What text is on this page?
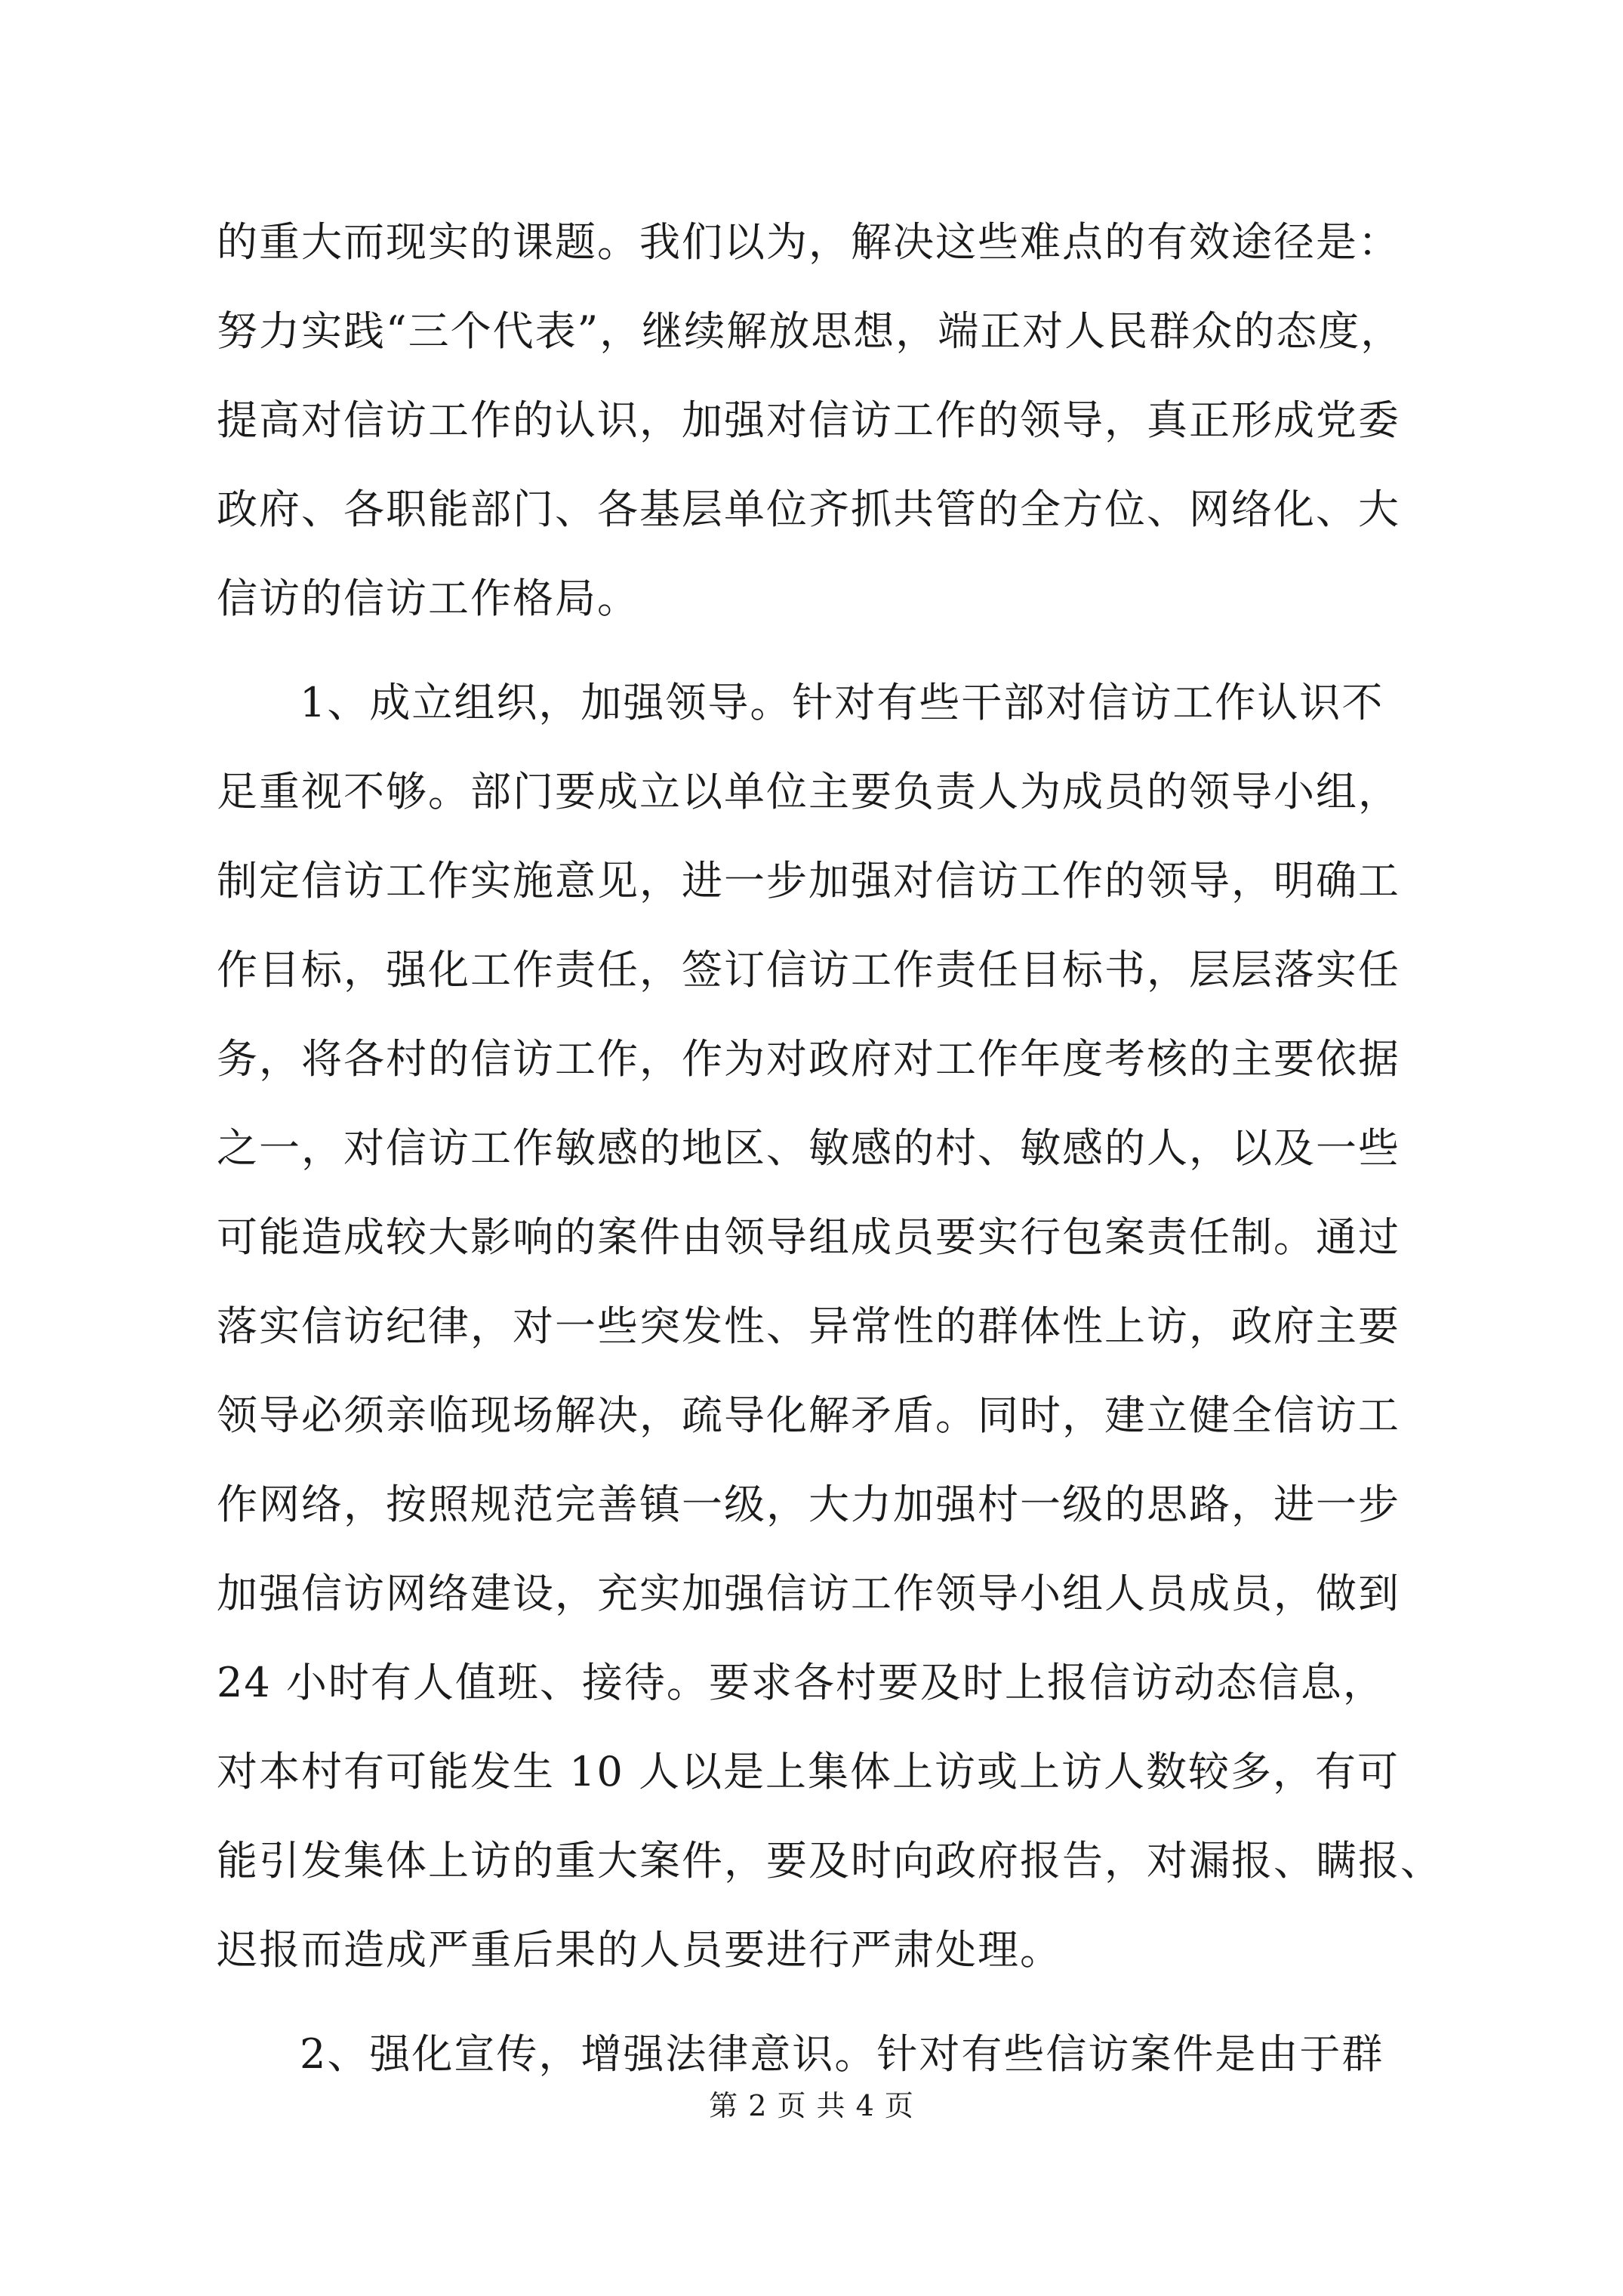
的重大而现实的课题。我们以为，解决这些难点的有效途径是：
努力实践“三个代表”，继续解放思想，端正对人民群众的态度，
提高对信访工作的认识，加强对信访工作的领导，真正形成党委
政府、各职能部门、各基层单位齐抓共管的全方位、网络化、大
信访的信访工作格局。
1、成立组织，加强领导。针对有些干部对信访工作认识不
足重视不够。部门要成立以单位主要负责人为成员的领导小组，
制定信访工作实施意见，进一步加强对信访工作的领导，明确工
作目标，强化工作责任，签订信访工作责任目标书，层层落实任
务，将各村的信访工作，作为对政府对工作年度考核的主要依据
之一，对信访工作敏感的地区、敏感的村、敏感的人，以及一些
可能造成较大影响的案件由领导组成员要实行包案责任制。通过
落实信访纪律，对一些突发性、异常性的群体性上访，政府主要
领导必须亲临现场解决，疏导化解矛盾。同时，建立健全信访工
作网络，按照规范完善镇一级，大力加强村一级的思路，进一步
加强信访网络建设，充实加强信访工作领导小组人员成员，做到
24 小时有人值班、接待。要求各村要及时上报信访动态信息，
对本村有可能发生 10 人以是上集体上访或上访人数较多，有可
能引发集体上访的重大案件，要及时向政府报告，对漏报、瞒报、
迟报而造成严重后果的人员要进行严肃处理。
2、强化宣传，增强法律意识。针对有些信访案件是由于群
第 2 页 共 4 页
